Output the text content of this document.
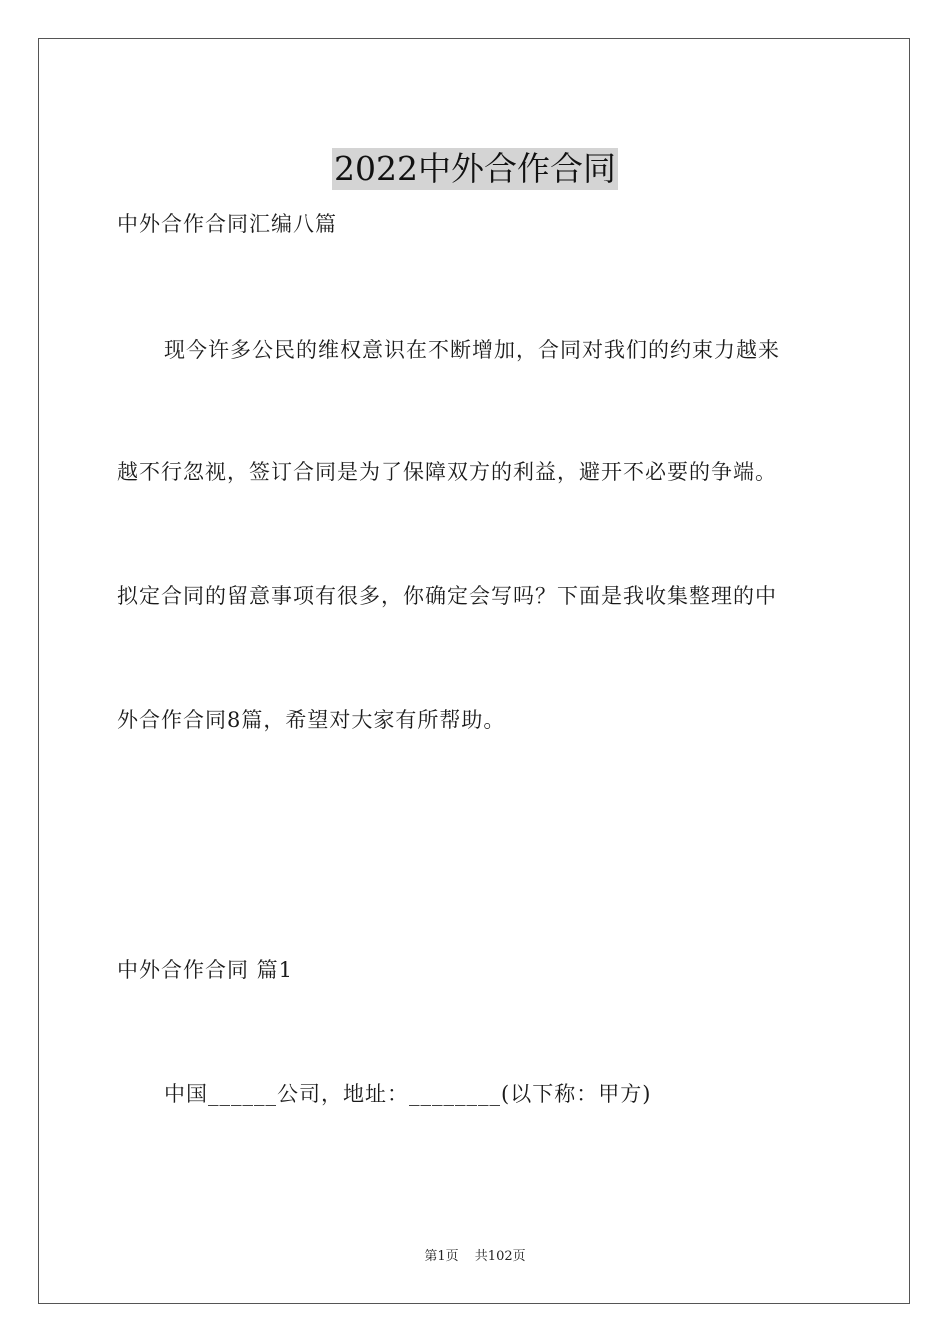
2022中外合作合同
中外合作合同汇编八篇
现今许多公民的维权意识在不断增加，合同对我们的约束力越来
越不行忽视，签订合同是为了保障双方的利益，避开不必要的争端。
拟定合同的留意事项有很多，你确定会写吗？下面是我收集整理的中
外合作合同8篇，希望对大家有所帮助。
中外合作合同 篇1
中国______公司，地址：________(以下称：甲方)
第1页 共102页
